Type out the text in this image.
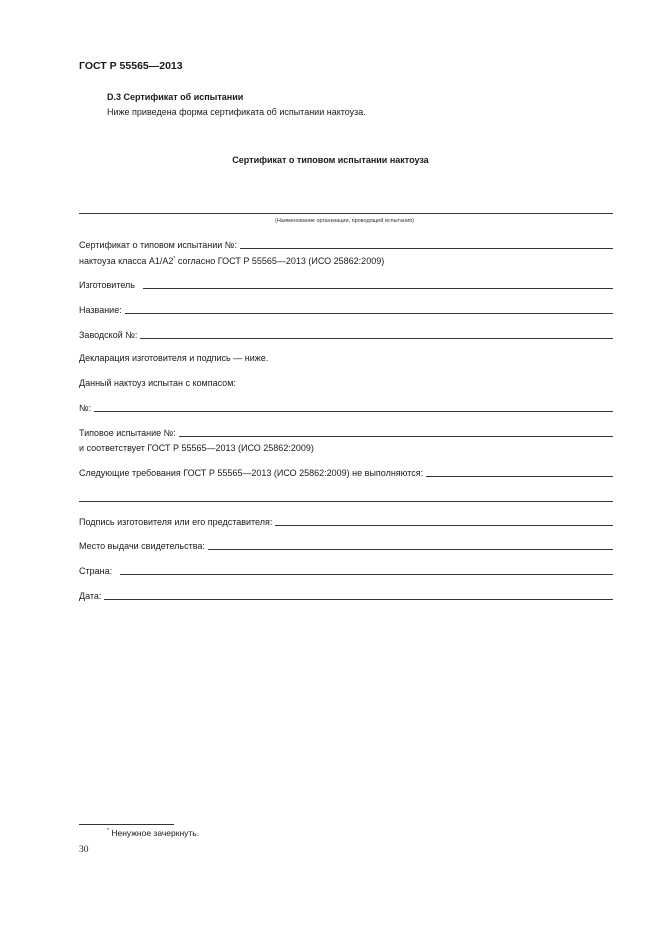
ГОСТ Р 55565—2013
D.3 Сертификат об испытании
Ниже приведена форма сертификата об испытании нактоуза.
Сертификат о типовом испытании нактоуза
(Наименование организации, проводящей испытания)
Сертификат о типовом испытании №:
нактоуза класса А1/А2* согласно ГОСТ Р 55565—2013 (ИСО 25862:2009)
Изготовитель
Название:
Заводской №:
Декларация изготовителя и подпись — ниже.
Данный нактоуз испытан с компасом:
№:
Типовое испытание №:
и соответствует ГОСТ Р 55565—2013 (ИСО 25862:2009)
Следующие требования ГОСТ Р 55565—2013 (ИСО 25862:2009) не выполняются:
Подпись изготовителя или его представителя:
Место выдачи свидетельства:
Страна:
Дата:
* Ненужное зачеркнуть.
30
